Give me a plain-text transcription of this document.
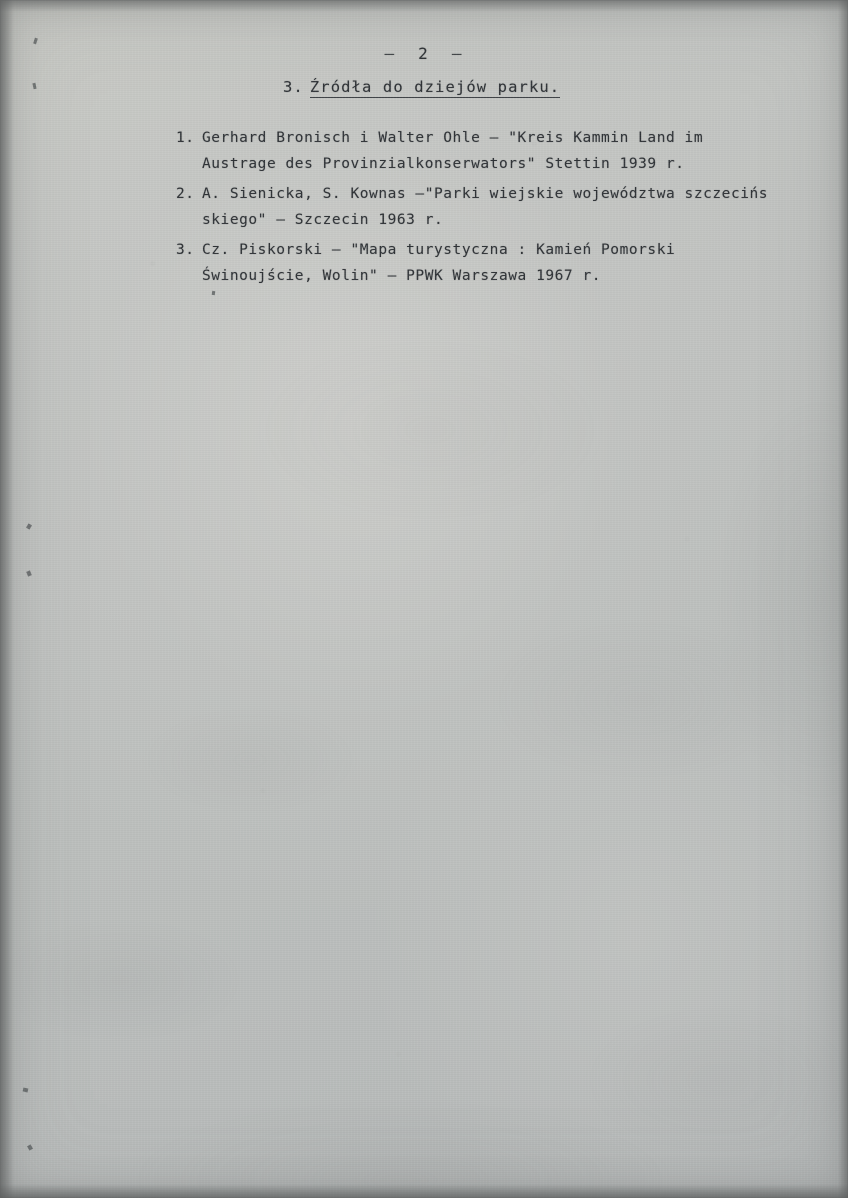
— 2 —
3. Źródła do dziejów parku.
1. Gerhard Bronisch i Walter Ohle — "Kreis Kammin Land im
Austrage des Provinzialkonserwators" Stettin 1939 r.
2. A. Sienicka, S. Kownas —"Parki wiejskie województwa szczecińs
skiego" — Szczecin 1963 r.
3. Cz. Piskorski — "Mapa turystyczna : Kamień Pomorski
Świnoujście, Wolin" — PPWK Warszawa 1967 r.
